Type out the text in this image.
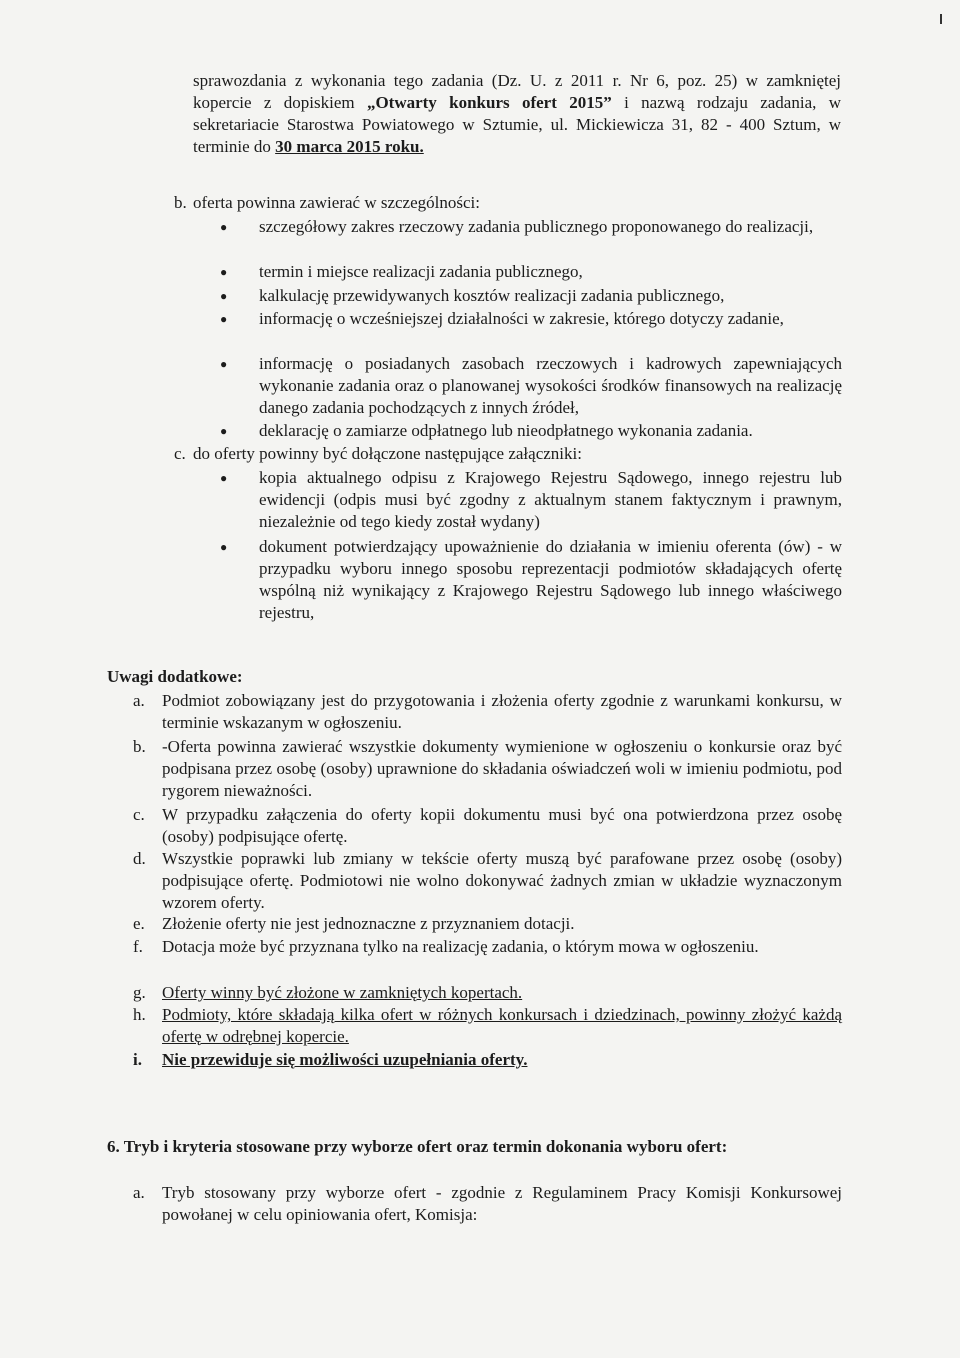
sprawozdania z wykonania tego zadania (Dz. U. z 2011 r. Nr 6, poz. 25) w zamkniętej kopercie z dopiskiem „Otwarty konkurs ofert 2015” i nazwą rodzaju zadania, w sekretariacie Starostwa Powiatowego w Sztumie, ul. Mickiewicza 31, 82 - 400 Sztum, w terminie do 30 marca 2015 roku.
b. oferta powinna zawierać w szczególności:
● szczegółowy zakres rzeczowy zadania publicznego proponowanego do realizacji,
● termin i miejsce realizacji zadania publicznego,
● kalkulację przewidywanych kosztów realizacji zadania publicznego,
● informację o wcześniejszej działalności w zakresie, którego dotyczy zadanie,
● informację o posiadanych zasobach rzeczowych i kadrowych zapewniających wykonanie zadania oraz o planowanej wysokości środków finansowych na realizację danego zadania pochodzących z innych źródeł,
● deklarację o zamiarze odpłatnego lub nieodpłatnego wykonania zadania.
c. do oferty powinny być dołączone następujące załączniki:
● kopia aktualnego odpisu z Krajowego Rejestru Sądowego, innego rejestru lub ewidencji (odpis musi być zgodny z aktualnym stanem faktycznym i prawnym, niezależnie od tego kiedy został wydany)
● dokument potwierdzający upoważnienie do działania w imieniu oferenta (ów) - w przypadku wyboru innego sposobu reprezentacji podmiotów składających ofertę wspólną niż wynikający z Krajowego Rejestru Sądowego lub innego właściwego rejestru,
Uwagi dodatkowe:
a. Podmiot zobowiązany jest do przygotowania i złożenia oferty zgodnie z warunkami konkursu, w terminie wskazanym w ogłoszeniu.
b. -Oferta powinna zawierać wszystkie dokumenty wymienione w ogłoszeniu o konkursie oraz być podpisana przez osobę (osoby) uprawnione do składania oświadczeń woli w imieniu podmiotu, pod rygorem nieważności.
c. W przypadku załączenia do oferty kopii dokumentu musi być ona potwierdzona przez osobę (osoby) podpisujące ofertę.
d. Wszystkie poprawki lub zmiany w tekście oferty muszą być parafowane przez osobę (osoby) podpisujące ofertę. Podmiotowi nie wolno dokonywać żadnych zmian w układzie wyznaczonym wzorem oferty.
e. Złożenie oferty nie jest jednoznaczne z przyznaniem dotacji.
f. Dotacja może być przyznana tylko na realizację zadania, o którym mowa w ogłoszeniu.
g. Oferty winny być złożone w zamkniętych kopertach.
h. Podmioty, które składają kilka ofert w różnych konkursach i dziedzinach, powinny złożyć każdą ofertę w odrębnej kopercie.
i. Nie przewiduje się możliwości uzupełniania oferty.
6. Tryb i kryteria stosowane przy wyborze ofert oraz termin dokonania wyboru ofert:
a. Tryb stosowany przy wyborze ofert - zgodnie z Regulaminem Pracy Komisji Konkursowej powołanej w celu opiniowania ofert, Komisja:
